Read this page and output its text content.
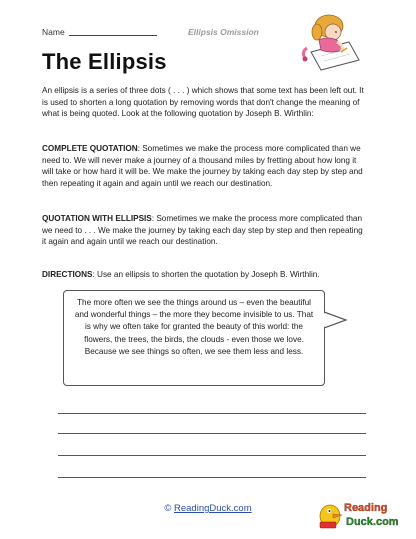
Name	Ellipsis Omission
The Ellipsis
An ellipsis is a series of three dots ( . . . ) which shows that some text has been left out. It is used to shorten a long quotation by removing words that don't change the meaning of what is being quoted. Look at the following quotation by Joseph B. Wirthlin:
COMPLETE QUOTATION: Sometimes we make the process more complicated than we need to. We will never make a journey of a thousand miles by fretting about how long it will take or how hard it will be. We make the journey by taking each day step by step and then repeating it again and again until we reach our destination.
QUOTATION WITH ELLIPSIS: Sometimes we make the process more complicated than we need to . . . We make the journey by taking each day step by step and then repeating it again and again until we reach our destination.
DIRECTIONS: Use an ellipsis to shorten the quotation by Joseph B. Wirthlin.
The more often we see the things around us – even the beautiful and wonderful things – the more they become invisible to us. That is why we often take for granted the beauty of this world: the flowers, the trees, the birds, the clouds - even those we love. Because we see things so often, we see them less and less.
© ReadingDuck.com	Reading
Duck.com
